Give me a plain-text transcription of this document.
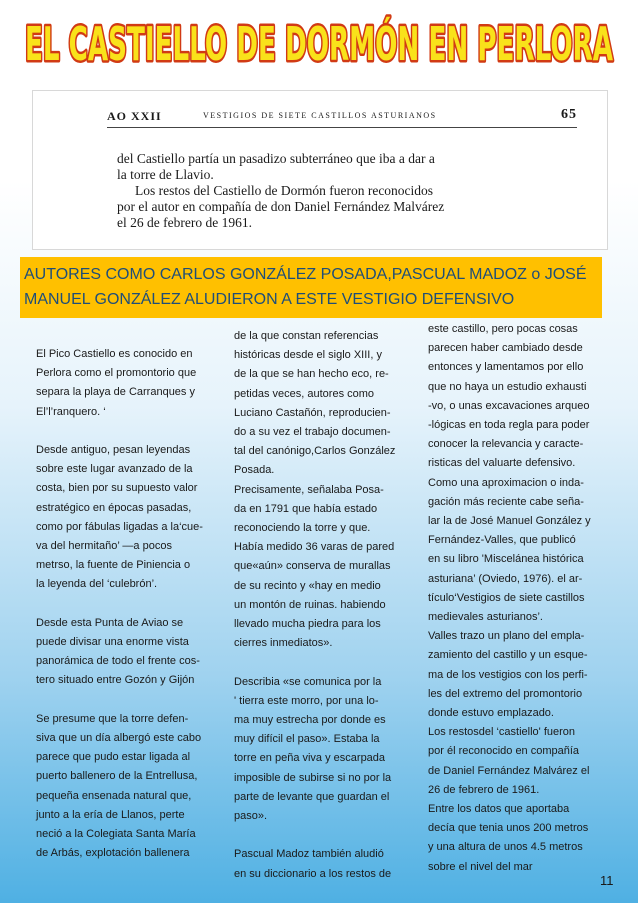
EL CASTIELLO DE DORMÓN EN PERLORA
AO XXII	VESTIGIOS DE SIETE CASTILLOS ASTURIANOS	65

del Castiello partía un pasadizo subterráneo que iba a dar a

la torre de Llavio.

Los restos del Castiello de Dormón fueron reconocidos

por el autor en compañía de don Daniel Fernández Malvárez

el 26 de febrero de 1961.

AUTORES COMO CARLOS GONZÁLEZ POSADA,PASCUAL MADOZ o JOSÉ
MANUEL GONZÁLEZ ALUDIERON A ESTE VESTIGIO DEFENSIVO

El Pico Castiello es conocido en

Perlora como el promontorio que

separa la playa de Carranques y

El’l’ranquero. ‘

Desde antiguo, pesan leyendas

sobre este lugar avanzado de la

costa, bien por su supuesto valor

estratégico en épocas pasadas,

como por fábulas ligadas a la‘cue-

va del hermitaño’ —a pocos

metrso, la fuente de Piniencia o

la leyenda del ‘culebrón’.

Desde esta Punta de Aviao se

puede divisar una enorme vista

panorámica de todo el frente cos-

tero situado entre Gozón y Gijón

Se presume que la torre defen-

siva que un día albergó este cabo

parece que pudo estar ligada al

puerto ballenero de la Entrellusa,

pequeña ensenada natural que,

junto a la ería de Llanos, perte

neció a la Colegiata Santa María

de Arbás, explotación ballenera

de la que constan referencias

históricas desde el siglo XIII, y

de la que se han hecho eco, re-

petidas veces, autores como

Luciano Castañón, reproducien-

do a su vez el trabajo documen-

tal del canónigo,Carlos González

Posada.

Precisamente, señalaba Posa-

da en 1791 que había estado

reconociendo la torre y que.

Había medido 36 varas de pared

que«aún» conserva de murallas

de su recinto y «hay en medio

un montón de ruinas. habiendo

llevado mucha piedra para los

cierres inmediatos».

Describia «se comunica por la

' tierra este morro, por una lo-

ma muy estrecha por donde es

muy difícil el paso». Estaba la

torre en peña viva y escarpada

imposible de subirse si no por la

parte de levante que guardan el

paso».

Pascual Madoz también aludió

en su diccionario a los restos de

este castillo, pero pocas cosas

parecen haber cambiado desde

entonces y lamentamos por ello

que no haya un estudio exhausti

-vo, o unas excavaciones arqueo

-lógicas en toda regla para poder

conocer la relevancia y caracte-

risticas del valuarte defensivo.

Como una aproximacion o inda-

gación más reciente cabe seña-

lar la de José Manuel González y

Fernández-Valles, que publicó

en su libro 'Miscelánea histórica

asturiana’ (Oviedo, 1976). el ar-

tículo‘Vestigios de siete castillos

medievales asturianos’.

Valles trazo un plano del empla-

zamiento del castillo y un esque-

ma de los vestigios con los perfi-

les del extremo del promontorio

donde estuvo emplazado.

Los restosdel ‘castiello' fueron

por él reconocido en compañía

de Daniel Fernández Malvárez el

26 de febrero de 1961.

Entre los datos que aportaba

decía que tenia unos 200 metros

y una altura de unos 4.5 metros

sobre el nivel del mar

11
